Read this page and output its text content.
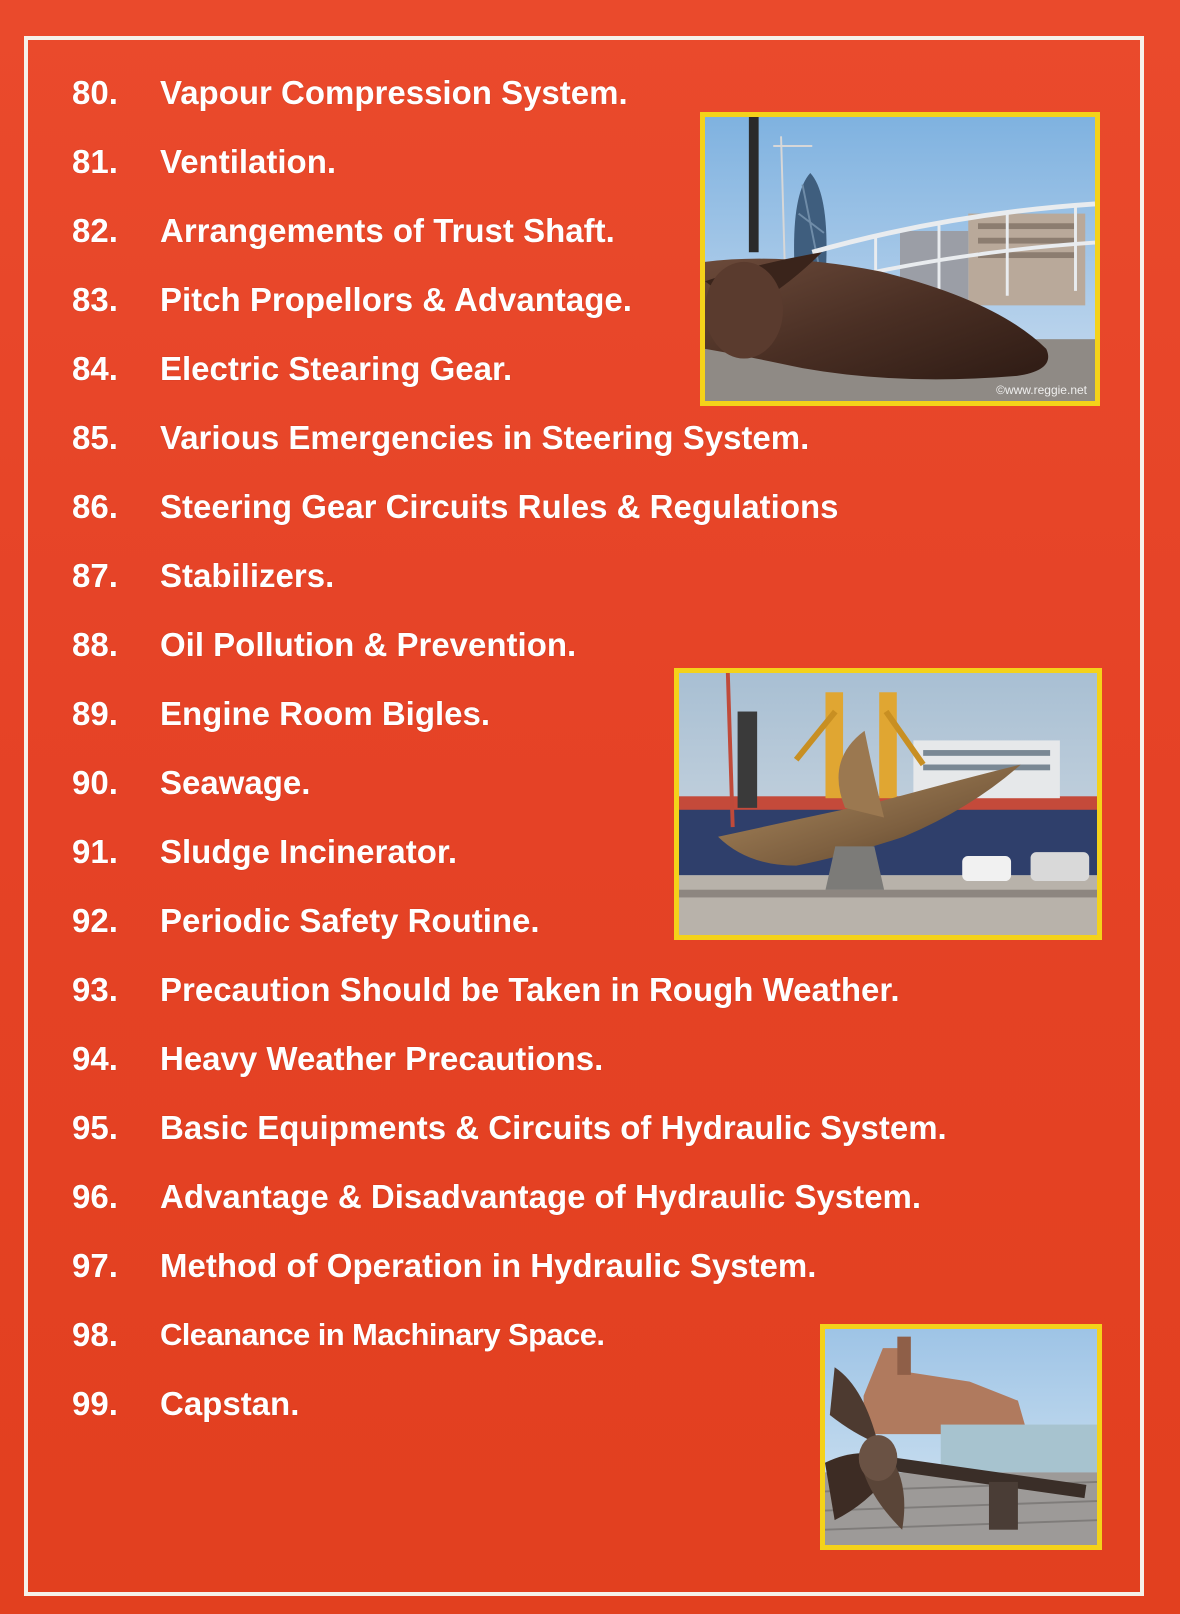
80.	Vapour Compression System.
81.	Ventilation.
82.	Arrangements of Trust Shaft.
83.	Pitch Propellors & Advantage.
84.	Electric Stearing Gear.
85.	Various Emergencies in Steering System.
86.	Steering Gear Circuits Rules & Regulations
87.	Stabilizers.
88.	Oil Pollution & Prevention.
89.	Engine Room Bigles.
90.	Seawage.
91.	Sludge Incinerator.
92.	Periodic Safety Routine.
93.	Precaution Should be Taken in Rough Weather.
94.	Heavy Weather Precautions.
95.	Basic Equipments & Circuits of Hydraulic System.
96.	Advantage & Disadvantage of Hydraulic System.
97.	Method of Operation in Hydraulic System.
98.	Cleanance in Machinary Space.
99.	Capstan.
©www.reggie.net
